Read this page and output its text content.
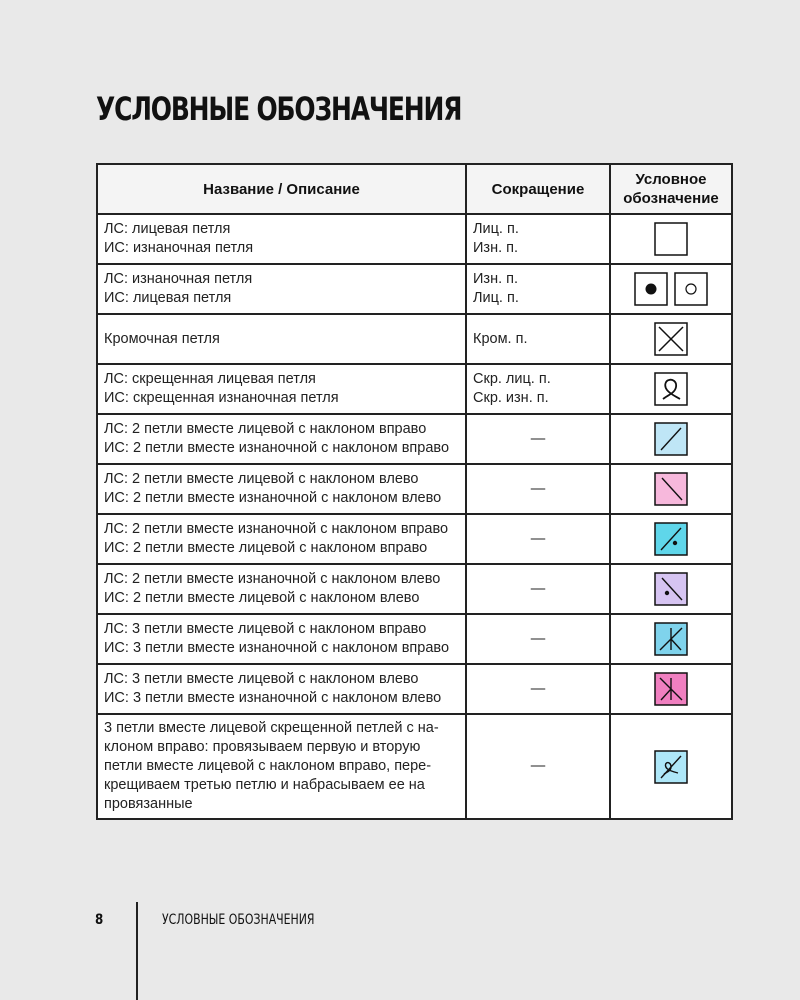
УСЛОВНЫЕ ОБОЗНАЧЕНИЯ
Название / Описание	Сокращение	Условное
обозначение

ЛС: лицевая петля
ИС: изнаночная петля	Лиц. п.
Изн. п.

ЛС: изнаночная петля
ИС: лицевая петля	Изн. п.
Лиц. п.

Кромочная петля	Кром. п.

ЛС: скрещенная лицевая петля
ИС: скрещенная изнаночная петля	Скр. лиц. п.
Скр. изн. п.

ЛС: 2 петли вместе лицевой с наклоном вправо
ИС: 2 петли вместе изнаночной с наклоном вправо	—

ЛС: 2 петли вместе лицевой с наклоном влево
ИС: 2 петли вместе изнаночной с наклоном влево	—

ЛС: 2 петли вместе изнаночной с наклоном вправо
ИС: 2 петли вместе лицевой с наклоном вправо	—

ЛС: 2 петли вместе изнаночной с наклоном влево
ИС: 2 петли вместе лицевой с наклоном влево	—

ЛС: 3 петли вместе лицевой с наклоном вправо
ИС: 3 петли вместе изнаночной с наклоном вправо	—

ЛС: 3 петли вместе лицевой с наклоном влево
ИС: 3 петли вместе изнаночной с наклоном влево	—

3 петли вместе лицевой скрещенной петлей с на-
клоном вправо: провязываем первую и вторую
петли вместе лицевой с наклоном вправо, пере-
крещиваем третью петлю и набрасываем ее на
провязанные	—

8	УСЛОВНЫЕ ОБОЗНАЧЕНИЯ
